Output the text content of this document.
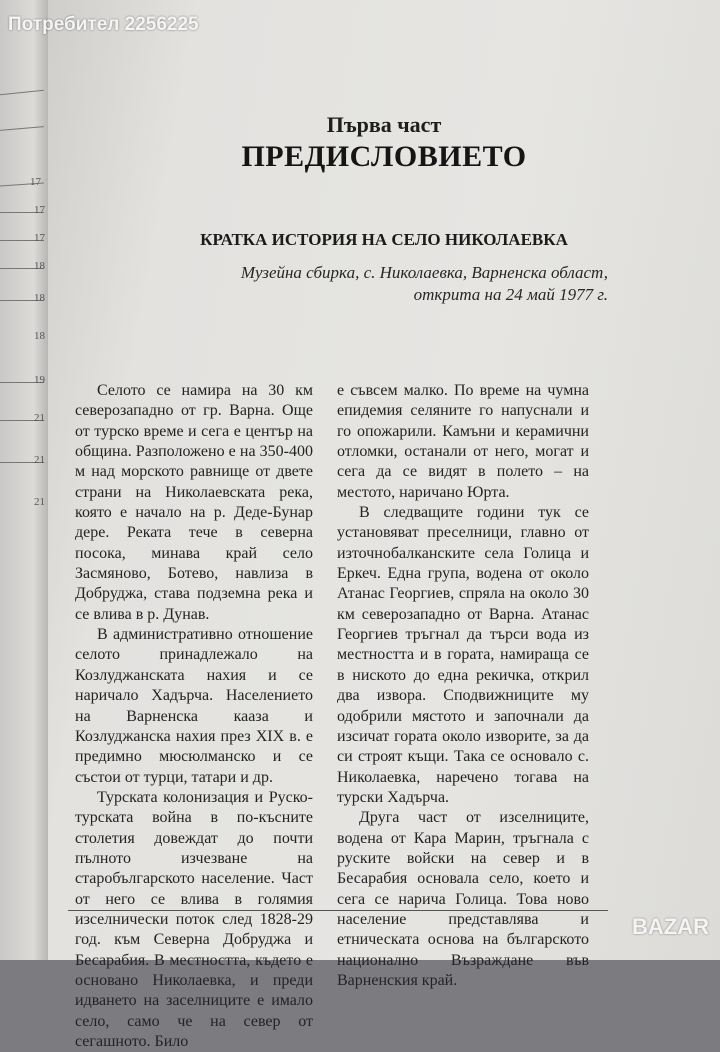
17
17
17
18
18
18
19
21
21
21
Първа част
ПРЕДИСЛОВИЕТО
КРАТКА ИСТОРИЯ НА СЕЛО НИКОЛАЕВКА
Музейна сбирка, с. Николаевка, Варненска област,
открита на 24 май 1977 г.

Селото се намира на 30 км северозападно от гр. Варна. Още от турско време и сега е център на община. Разположено е на 350-400 м над морското равнище от двете страни на Николаевската река, която е начало на р. Деде-Бунар дере. Реката тече в северна посока, минава край село Засмяново, Ботево, навлиза в Добруджа, става подземна река и се влива в р. Дунав.

В административно отношение селото принадлежало на Козлуджанската нахия и се наричало Хадърча. Населението на Варненска кааза и Козлуджанска нахия през XIX в. е предимно мюсюлманско и се състои от турци, татари и др.

Турската колонизация и Руско-турската война в по-късните столетия довеждат до почти пълното изчезване на старобългарското население. Част от него се влива в голямия изселнически поток след 1828-29 год. към Северна Добруджа и Бесарабия. В местността, където е основано Николаевка, и преди идването на заселниците е имало село, само че на север от сегашното. Било

е съвсем малко. По време на чумна епидемия селяните го напуснали и го опожарили. Камъни и керамични отломки, останали от него, могат и сега да се видят в полето – на местото, наричано Юрта.

В следващите години тук се установяват преселници, главно от източнобалканските села Голица и Еркеч. Една група, водена от около Атанас Георгиев, спряла на около 30 км северозападно от Варна. Атанас Георгиев тръгнал да търси вода из местността и в гората, намираща се в ниското до една рекичка, открил два извора. Сподвижниците му одобрили мястото и започнали да изсичат гората около изворите, за да си строят къщи. Така се основало с. Николаевка, наречено тогава на турски Хадърча.

Друга част от изселниците, водена от Кара Марин, тръгнала с руските войски на север и в Бесарабия основала село, което и сега се нарича Голица. Това ново население представлява и етническата основа на българското национално Възраждане във Варненския край.

Потребител 2256225
BAZAR
